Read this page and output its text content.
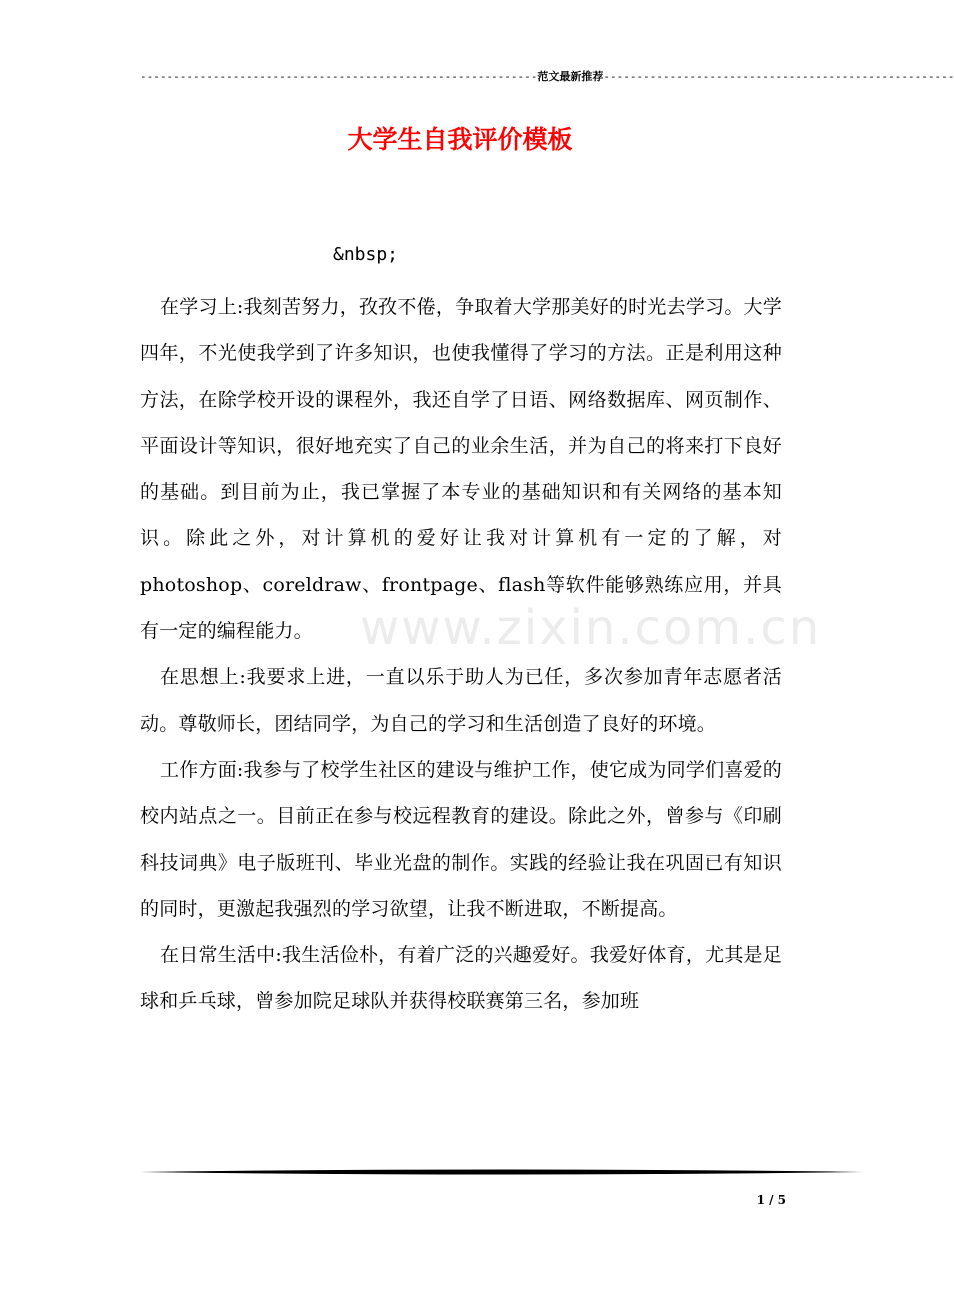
------------------------------------------------------------范文最新推荐-----------------------------------------------------
大学生自我评价模板
&nbsp;

在学习上:我刻苦努力，孜孜不倦，争取着大学那美好的时光去学习。大学四年，不光使我学到了许多知识，也使我懂得了学习的方法。正是利用这种方法，在除学校开设的课程外，我还自学了日语、网络数据库、网页制作、平面设计等知识，很好地充实了自己的业余生活，并为自己的将来打下良好的基础。到目前为止，我已掌握了本专业的基础知识和有关网络的基本知识。除此之外，对计算机的爱好让我对计算机有一定的了解，对photoshop、coreldraw、frontpage、flash等软件能够熟练应用，并具有一定的编程能力。

在思想上:我要求上进，一直以乐于助人为已任，多次参加青年志愿者活动。尊敬师长，团结同学，为自己的学习和生活创造了良好的环境。

工作方面:我参与了校学生社区的建设与维护工作，使它成为同学们喜爱的校内站点之一。目前正在参与校远程教育的建设。除此之外，曾参与《印刷科技词典》电子版班刊、毕业光盘的制作。实践的经验让我在巩固已有知识的同时，更激起我强烈的学习欲望，让我不断进取，不断提高。

在日常生活中:我生活俭朴，有着广泛的兴趣爱好。我爱好体育，尤其是足球和乒乓球，曾参加院足球队并获得校联赛第三名，参加班

www.zixin.com.cn
1 / 5
